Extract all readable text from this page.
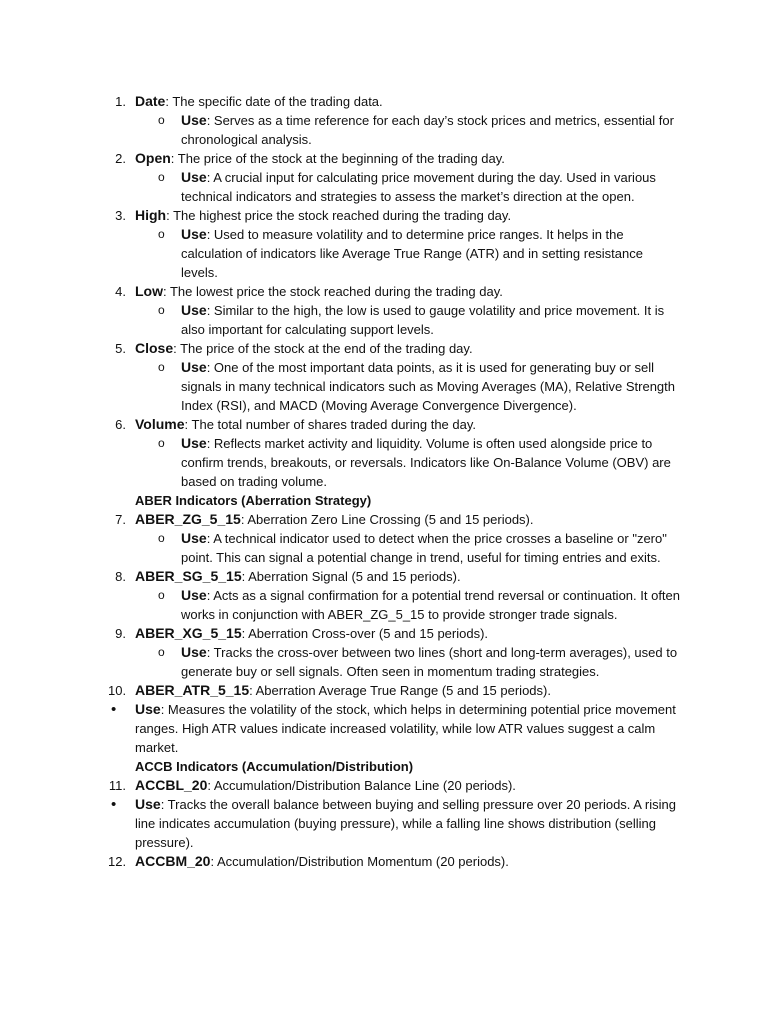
1. Date: The specific date of the trading data.
o Use: Serves as a time reference for each day’s stock prices and metrics, essential for chronological analysis.
2. Open: The price of the stock at the beginning of the trading day.
o Use: A crucial input for calculating price movement during the day. Used in various technical indicators and strategies to assess the market’s direction at the open.
3. High: The highest price the stock reached during the trading day.
o Use: Used to measure volatility and to determine price ranges. It helps in the calculation of indicators like Average True Range (ATR) and in setting resistance levels.
4. Low: The lowest price the stock reached during the trading day.
o Use: Similar to the high, the low is used to gauge volatility and price movement. It is also important for calculating support levels.
5. Close: The price of the stock at the end of the trading day.
o Use: One of the most important data points, as it is used for generating buy or sell signals in many technical indicators such as Moving Averages (MA), Relative Strength Index (RSI), and MACD (Moving Average Convergence Divergence).
6. Volume: The total number of shares traded during the day.
o Use: Reflects market activity and liquidity. Volume is often used alongside price to confirm trends, breakouts, or reversals. Indicators like On-Balance Volume (OBV) are based on trading volume.
ABER Indicators (Aberration Strategy)
7. ABER_ZG_5_15: Aberration Zero Line Crossing (5 and 15 periods).
o Use: A technical indicator used to detect when the price crosses a baseline or "zero" point. This can signal a potential change in trend, useful for timing entries and exits.
8. ABER_SG_5_15: Aberration Signal (5 and 15 periods).
o Use: Acts as a signal confirmation for a potential trend reversal or continuation. It often works in conjunction with ABER_ZG_5_15 to provide stronger trade signals.
9. ABER_XG_5_15: Aberration Cross-over (5 and 15 periods).
o Use: Tracks the cross-over between two lines (short and long-term averages), used to generate buy or sell signals. Often seen in momentum trading strategies.
10. ABER_ATR_5_15: Aberration Average True Range (5 and 15 periods).
• Use: Measures the volatility of the stock, which helps in determining potential price movement ranges. High ATR values indicate increased volatility, while low ATR values suggest a calm market.
ACCB Indicators (Accumulation/Distribution)
11. ACCBL_20: Accumulation/Distribution Balance Line (20 periods).
• Use: Tracks the overall balance between buying and selling pressure over 20 periods. A rising line indicates accumulation (buying pressure), while a falling line shows distribution (selling pressure).
12. ACCBM_20: Accumulation/Distribution Momentum (20 periods).
